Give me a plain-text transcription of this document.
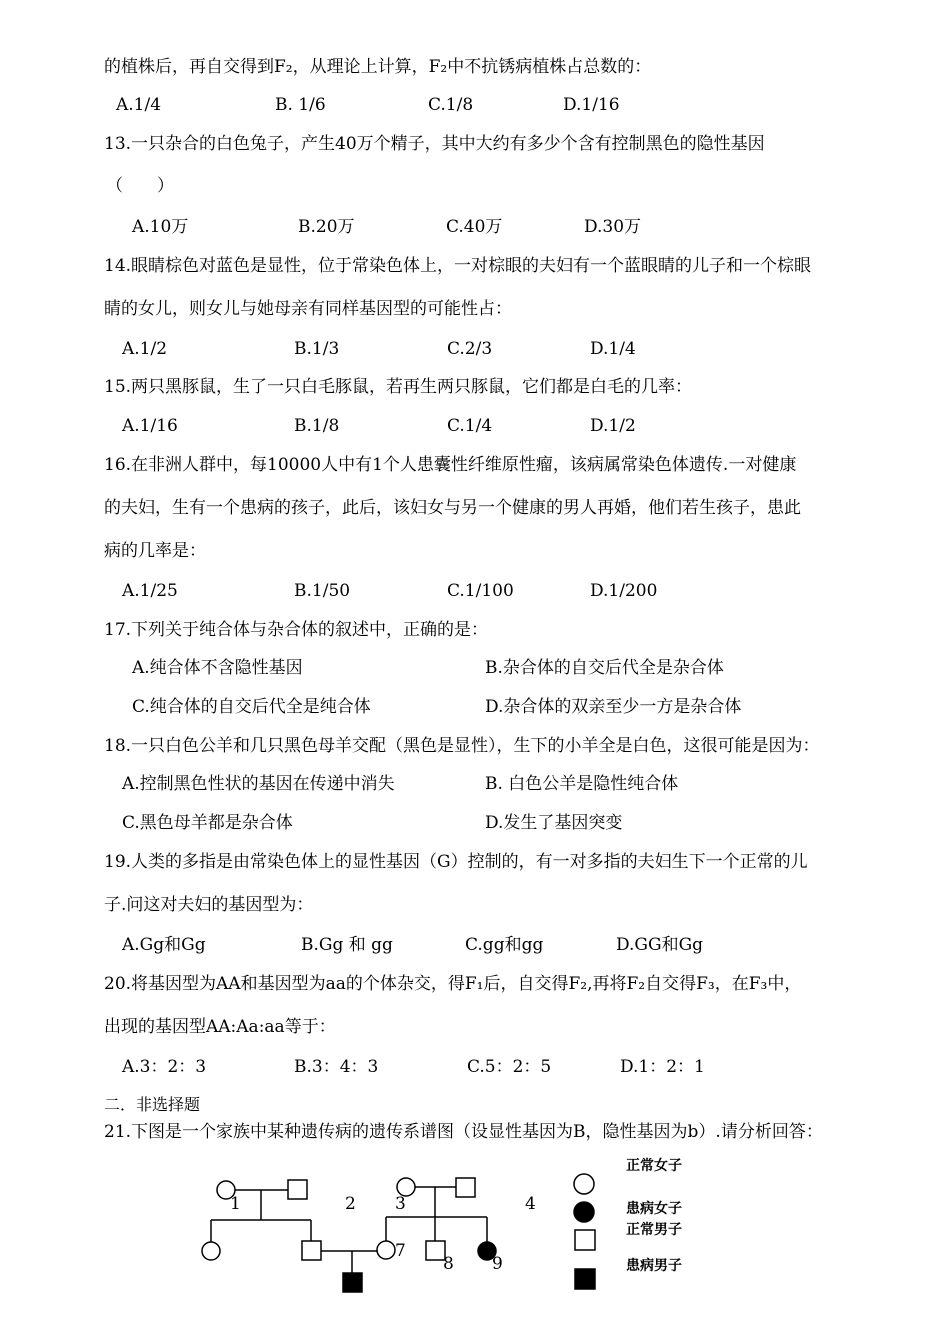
的植株后，再自交得到F₂，从理论上计算，F₂中不抗锈病植株占总数的：
A.1/4	B. 1/6	C.1/8	D.1/16
13.一只杂合的白色兔子，产生40万个精子，其中大约有多少个含有控制黑色的隐性基因
（　　）
A.10万	B.20万	C.40万	D.30万
14.眼睛棕色对蓝色是显性，位于常染色体上，一对棕眼的夫妇有一个蓝眼睛的儿子和一个棕眼
睛的女儿，则女儿与她母亲有同样基因型的可能性占：
A.1/2	B.1/3	C.2/3	D.1/4
15.两只黑豚鼠，生了一只白毛豚鼠，若再生两只豚鼠，它们都是白毛的几率：
A.1/16	B.1/8	C.1/4	D.1/2
16.在非洲人群中，每10000人中有1个人患囊性纤维原性瘤，该病属常染色体遗传.一对健康
的夫妇，生有一个患病的孩子，此后，该妇女与另一个健康的男人再婚，他们若生孩子，患此
病的几率是：
A.1/25	B.1/50	C.1/100	D.1/200
17.下列关于纯合体与杂合体的叙述中，正确的是：
A.纯合体不含隐性基因	B.杂合体的自交后代全是杂合体
C.纯合体的自交后代全是纯合体	D.杂合体的双亲至少一方是杂合体
18.一只白色公羊和几只黑色母羊交配（黑色是显性），生下的小羊全是白色，这很可能是因为：
A.控制黑色性状的基因在传递中消失	B. 白色公羊是隐性纯合体
C.黑色母羊都是杂合体	D.发生了基因突变
19.人类的多指是由常染色体上的显性基因（G）控制的，有一对多指的夫妇生下一个正常的儿
子.问这对夫妇的基因型为：
A.Gg和Gg	B.Gg 和 gg	C.gg和gg	D.GG和Gg
20.将基因型为AA和基因型为aa的个体杂交，得F₁后，自交得F₂,再将F₂自交得F₃，在F₃中，
出现的基因型AA:Aa:aa等于：
A.3：2：3	B.3：4：3	C.5：2：5	D.1：2：1
二．非选择题
21.下图是一个家族中某种遗传病的遗传系谱图（设显性基因为B，隐性基因为b）.请分析回答：
1	2 3	4
7
8 9
正常女子
患病女子
正常男子
患病男子
